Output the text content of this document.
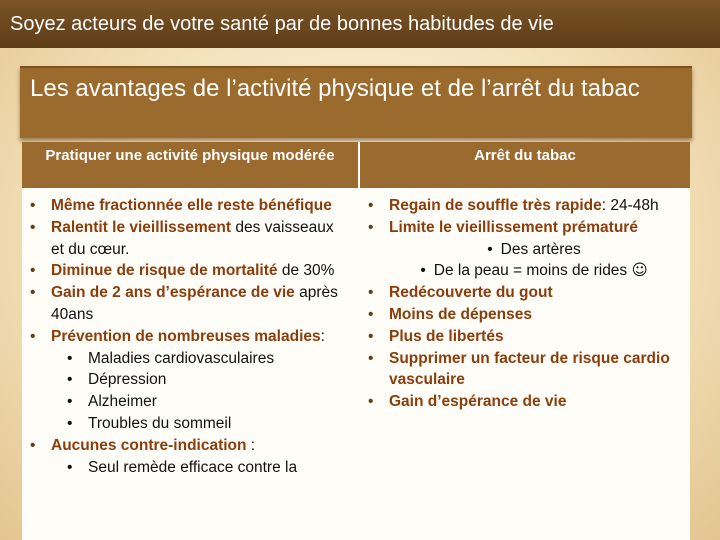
Soyez acteurs de votre santé par de bonnes habitudes de vie
Les avantages de l’activité physique et de l’arrêt du tabac
Pratiquer une activité physique modérée	Arrêt du tabac
• Même fractionnée elle reste bénéfique
• Ralentit le vieillissement des vaisseaux et du cœur.
• Diminue de risque de mortalité de 30%
• Gain de 2 ans d’espérance de vie après 40ans
• Prévention de nombreuses maladies:
• Maladies cardiovasculaires
• Dépression
• Alzheimer
• Troubles du sommeil
• Aucunes contre-indication :
• Seul remède efficace contre la
• Regain de souffle très rapide: 24-48h
• Limite le vieillissement prématuré
• Des artères
• De la peau = moins de rides ☺
• Redécouverte du gout
• Moins de dépenses
• Plus de libertés
• Supprimer un facteur de risque cardio vasculaire
• Gain d’espérance de vie
